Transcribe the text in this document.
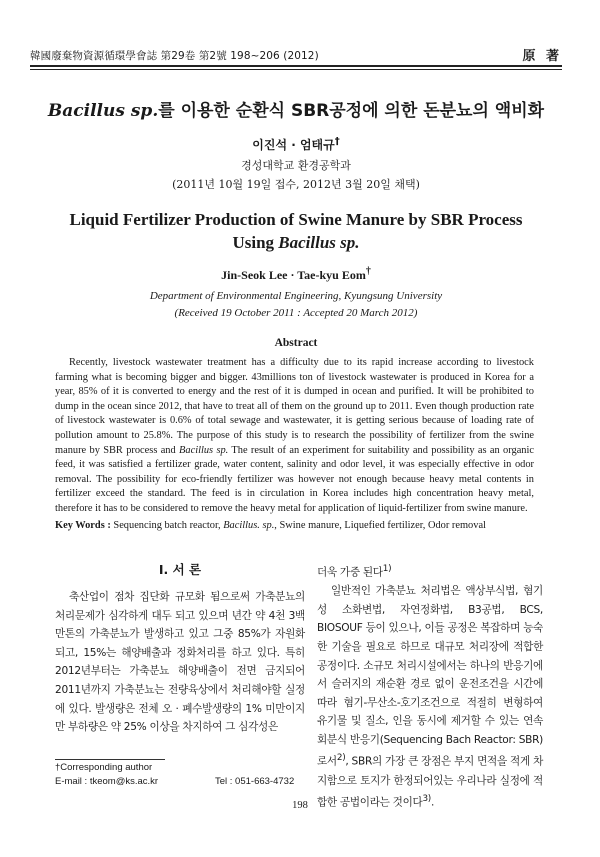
韓國廢棄物資源循環學會誌 第29卷 第2號 198~206 (2012)	原 著
Bacillus sp.를 이용한 순환식 SBR공정에 의한 돈분뇨의 액비화
이진석 · 엄태규†
경성대학교 환경공학과
(2011년 10월 19일 접수, 2012년 3월 20일 채택)
Liquid Fertilizer Production of Swine Manure by SBR Process
Using Bacillus sp.
Jin-Seok Lee · Tae-kyu Eom†
Department of Environmental Engineering, Kyungsung University
(Received 19 October 2011 : Accepted 20 March 2012)
Abstract
Recently, livestock wastewater treatment has a difficulty due to its rapid increase according to livestock farming what is becoming bigger and bigger. 43millions ton of livestock wastewater is produced in Korea for a year, 85% of it is converted to energy and the rest of it is dumped in ocean and purified. It will be prohibited to dump in the ocean since 2012, that have to treat all of them on the ground up to 2011. Even though production rate of livestock wastewater is 0.6% of total sewage and wastewater, it is getting serious because of loading rate of pollution amount to 25.8%. The purpose of this study is to research the possibility of fertilizer from the swine manure by SBR process and Bacillus sp. The result of an experiment for suitability and possibility as an organic feed, it was satisfied a fertilizer grade, water content, salinity and odor level, it was especially effective in odor removal. The possibility for eco-friendly fertilizer was however not enough because heavy metal contents in fertilizer exceed the standard. The feed is in circulation in Korea includes high concentration heavy metal, therefore it has to be considered to remove the heavy metal for application of liquid-fertilizer from swine manure.
Key Words : Sequencing batch reactor, Bacillus. sp., Swine manure, Liquefied fertilizer, Odor removal
I. 서 론
축산업이 점차 집단화 규모화 됨으로써 가축분뇨의 처리문제가 심각하게 대두 되고 있으며 년간 약 4천 3백만톤의 가축분뇨가 발생하고 있고 그중 85%가 자원화 되고, 15%는 해양배출과 정화처리를 하고 있다. 특히 2012년부터는 가축분뇨 해양배출이 전면 금지되어 2011년까지 가축분뇨는 전량육상에서 처리해야할 실정에 있다. 발생량은 전체 오 · 폐수발생량의 1% 미만이지만 부하량은 약 25% 이상을 차지하여 그 심각성은

더욱 가중 된다$^{1)}$

일반적인 가축분뇨 처리법은 액상부식법, 혐기성 소화변법, 자연정화법, B3공법, BCS, BIOSOUF 등이 있으나, 이들 공정은 복잡하며 능숙한 기술을 필요로 하므로 대규모 처리장에 적합한 공정이다. 소규모 처리시설에서는 하나의 반응기에서 슬러지의 재순환 경로 없이 운전조건을 시간에 따라 혐기-무산소-호기조건으로 적절히 변형하여 유기물 및 질소, 인을 동시에 제거할 수 있는 연속 회분식 반응기(Sequencing Bach Reactor: SBR)로서$^{2)}$, SBR의 가장 큰 장점은 부지 면적을 적게 차지함으로 토지가 한정되어있는 우리나라 실정에 적합한 공법이라는 것이다$^{3)}$.

†Corresponding author
E-mail : tkeom@ks.ac.kr	Tel : 051-663-4732
198
